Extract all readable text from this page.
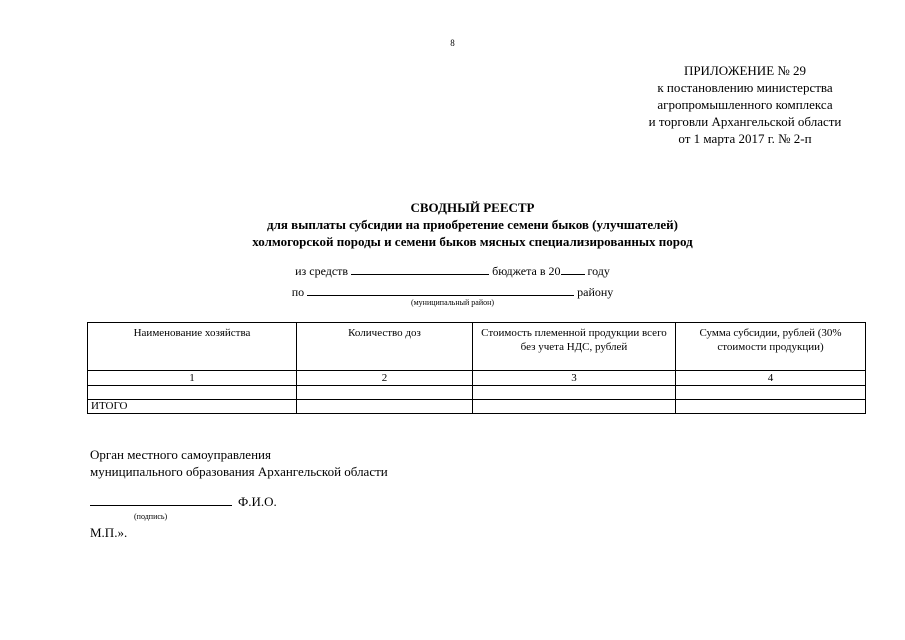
8
ПРИЛОЖЕНИЕ № 29
к постановлению министерства
агропромышленного комплекса
и торговли Архангельской области
от 1 марта 2017 г. № 2-п
СВОДНЫЙ РЕЕСТР
для выплаты субсидии на приобретение семени быков (улучшателей)
холмогорской породы и семени быков мясных специализированных пород
из средств	бюджета в 20 году
по	району
(муниципальный район)
Наименование хозяйства	Количество доз	Стоимость племенной продукции всего без учета НДС, рублей	Сумма субсидии, рублей (30% стоимости продукции)
1	2	3	4

ИТОГО			
Орган местного самоуправления
муниципального образования Архангельской области
Ф.И.О.
(подпись)
М.П.».
